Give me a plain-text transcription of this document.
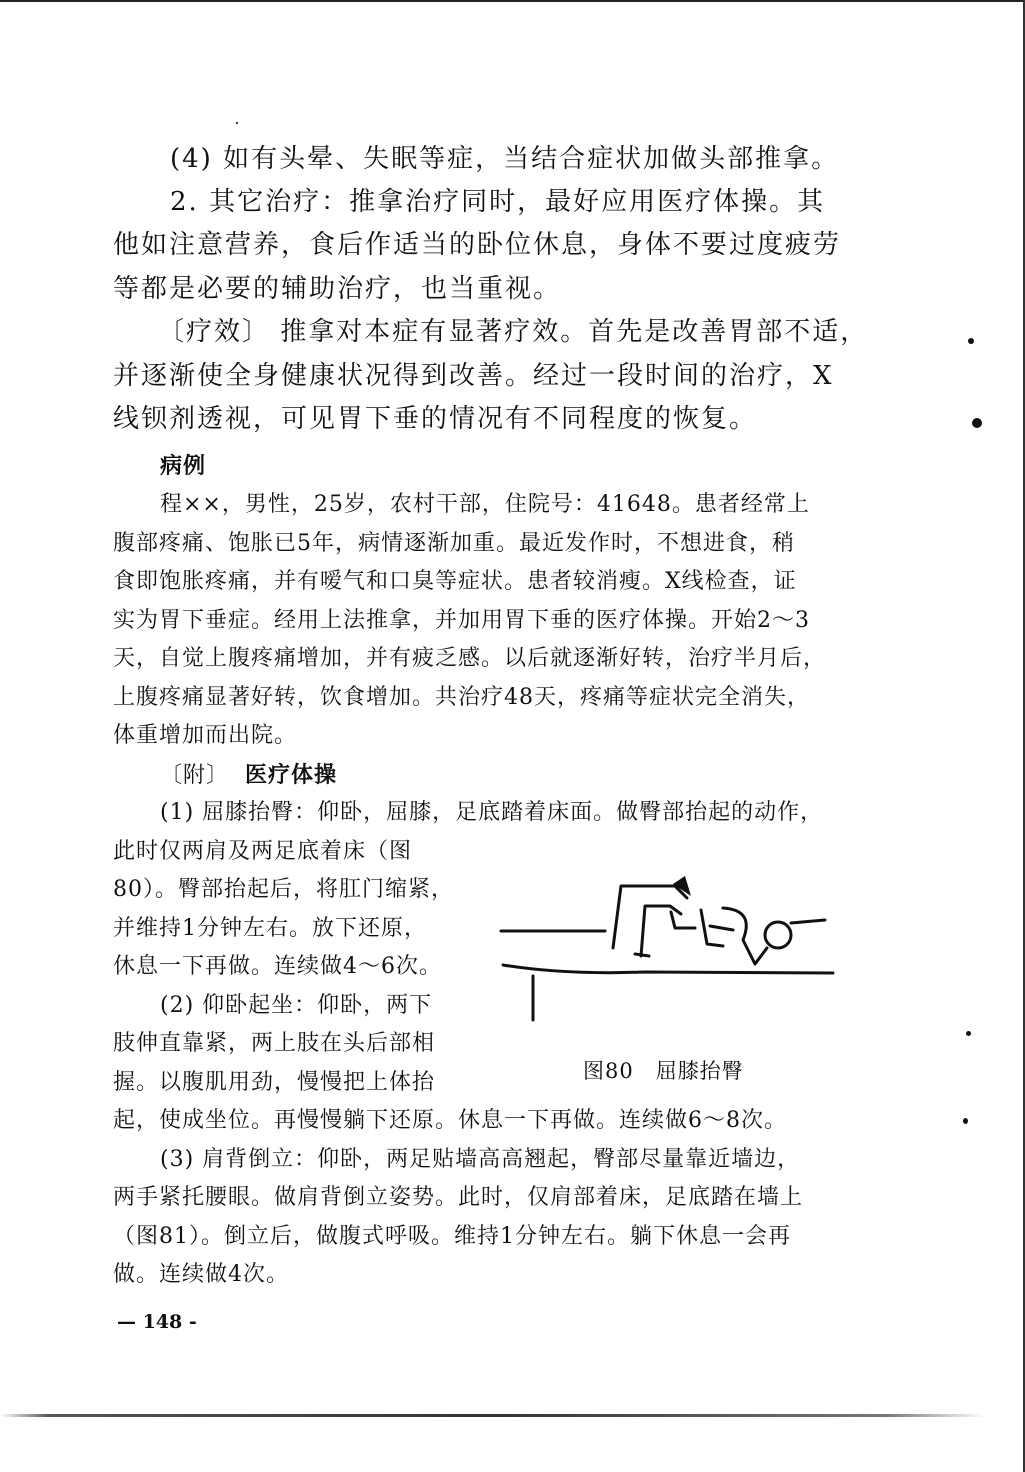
(4) 如有头晕、失眠等症，当结合症状加做头部推拿。
2. 其它治疗：推拿治疗同时，最好应用医疗体操。其
他如注意营养，食后作适当的卧位休息，身体不要过度疲劳
等都是必要的辅助治疗，也当重视。
〔疗效〕 推拿对本症有显著疗效。首先是改善胃部不适，
并逐渐使全身健康状况得到改善。经过一段时间的治疗，X
线钡剂透视，可见胃下垂的情况有不同程度的恢复。
病例
程××，男性，25岁，农村干部，住院号：41648。患者经常上
腹部疼痛、饱胀已5年，病情逐渐加重。最近发作时，不想进食，稍
食即饱胀疼痛，并有嗳气和口臭等症状。患者较消瘦。X线检查，证
实为胃下垂症。经用上法推拿，并加用胃下垂的医疗体操。开始2～3
天，自觉上腹疼痛增加，并有疲乏感。以后就逐渐好转，治疗半月后，
上腹疼痛显著好转，饮食增加。共治疗48天，疼痛等症状完全消失，
体重增加而出院。
〔附〕 医疗体操
(1) 屈膝抬臀：仰卧，屈膝，足底踏着床面。做臀部抬起的动作，
此时仅两肩及两足底着床（图
80）。臀部抬起后，将肛门缩紧，
并维持1分钟左右。放下还原，
休息一下再做。连续做4～6次。
(2) 仰卧起坐：仰卧，两下
肢伸直靠紧，两上肢在头后部相
握。以腹肌用劲，慢慢把上体抬
起，使成坐位。再慢慢躺下还原。休息一下再做。连续做6～8次。
(3) 肩背倒立：仰卧，两足贴墙高高翘起，臀部尽量靠近墙边，
两手紧托腰眼。做肩背倒立姿势。此时，仅肩部着床，足底踏在墙上
（图81）。倒立后，做腹式呼吸。维持1分钟左右。躺下休息一会再
做。连续做4次。
图80　屈膝抬臀
— 148 -
